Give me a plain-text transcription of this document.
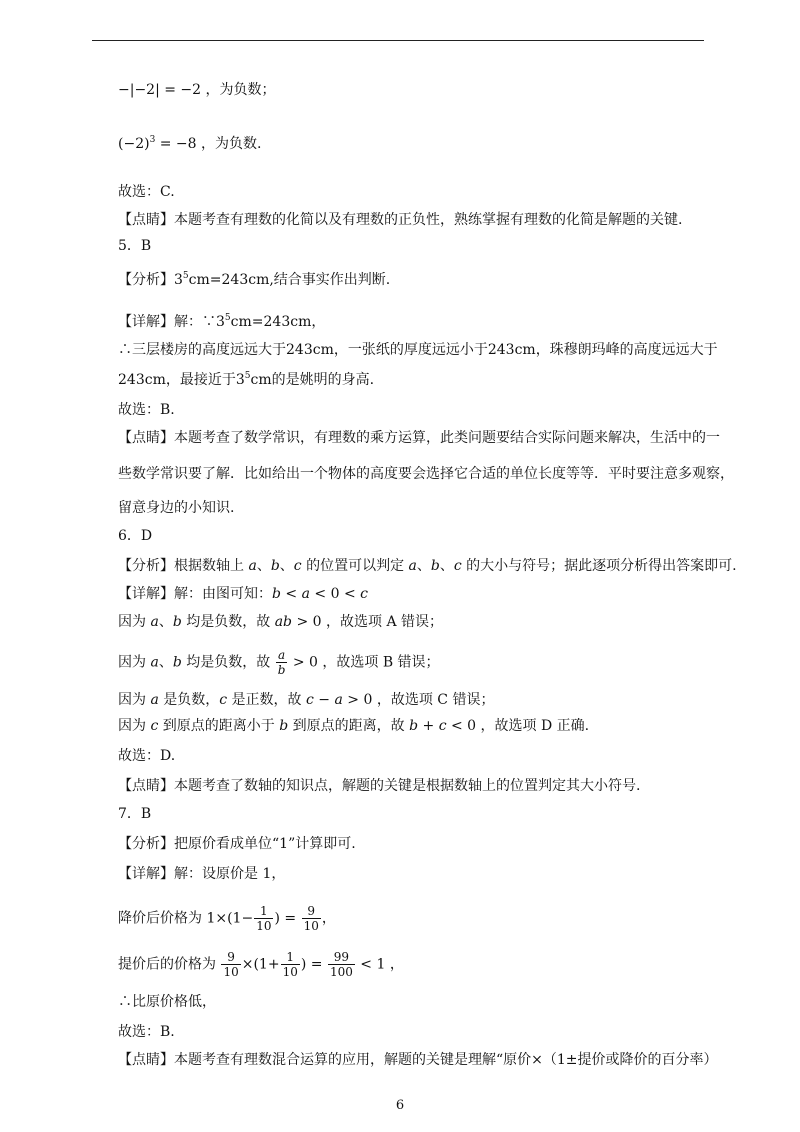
−|−2| = −2 ，为负数；
$(-2)^3 = -8$ ，为负数.
故选：C.
【点睛】本题考查有理数的化简以及有理数的正负性，熟练掌握有理数的化简是解题的关键.
5．B
【分析】$3^5cm=243cm$,结合事实作出判断.
【详解】解：$\because 3^5cm=243cm$，
∴三层楼房的高度远远大于243cm，一张纸的厚度远远小于243cm，珠穆朗玛峰的高度远远大于
243cm，最接近于$3^5cm$的是姚明的身高.
故选：B.
【点睛】本题考查了数学常识，有理数的乘方运算，此类问题要结合实际问题来解决，生活中的一
些数学常识要了解．比如给出一个物体的高度要会选择它合适的单位长度等等．平时要注意多观察，
留意身边的小知识.
6．D
【分析】根据数轴上 a、b、c 的位置可以判定 a、b、c 的大小与符号；据此逐项分析得出答案即可.
【详解】解：由图可知：b < a < 0 < c
因为 a、b 均是负数，故 ab > 0 ，故选项 A 错误；
因为 a、b 均是负数，故 $\frac{a}{b} > 0$ ，故选项 B 错误；
因为 a 是负数，c 是正数，故 c − a > 0 ，故选项 C 错误；
因为 c 到原点的距离小于 b 到原点的距离，故 b + c < 0 ，故选项 D 正确.
故选：D.
【点睛】本题考查了数轴的知识点，解题的关键是根据数轴上的位置判定其大小符号.
7．B
【分析】把原价看成单位“1”计算即可.
【详解】解：设原价是 1，
降价后价格为 $1\times(1- \frac{1}{10}$ ) = $\frac{9}{10}$ ，
提价后的价格为 $\frac{9}{10} \times(1+ \frac{1}{10}$ ) = $\frac{99}{100} < 1$ ，
∴比原价格低，
故选：B.
【点睛】本题考查有理数混合运算的应用，解题的关键是理解“原价×（1±提价或降价的百分率）
6
